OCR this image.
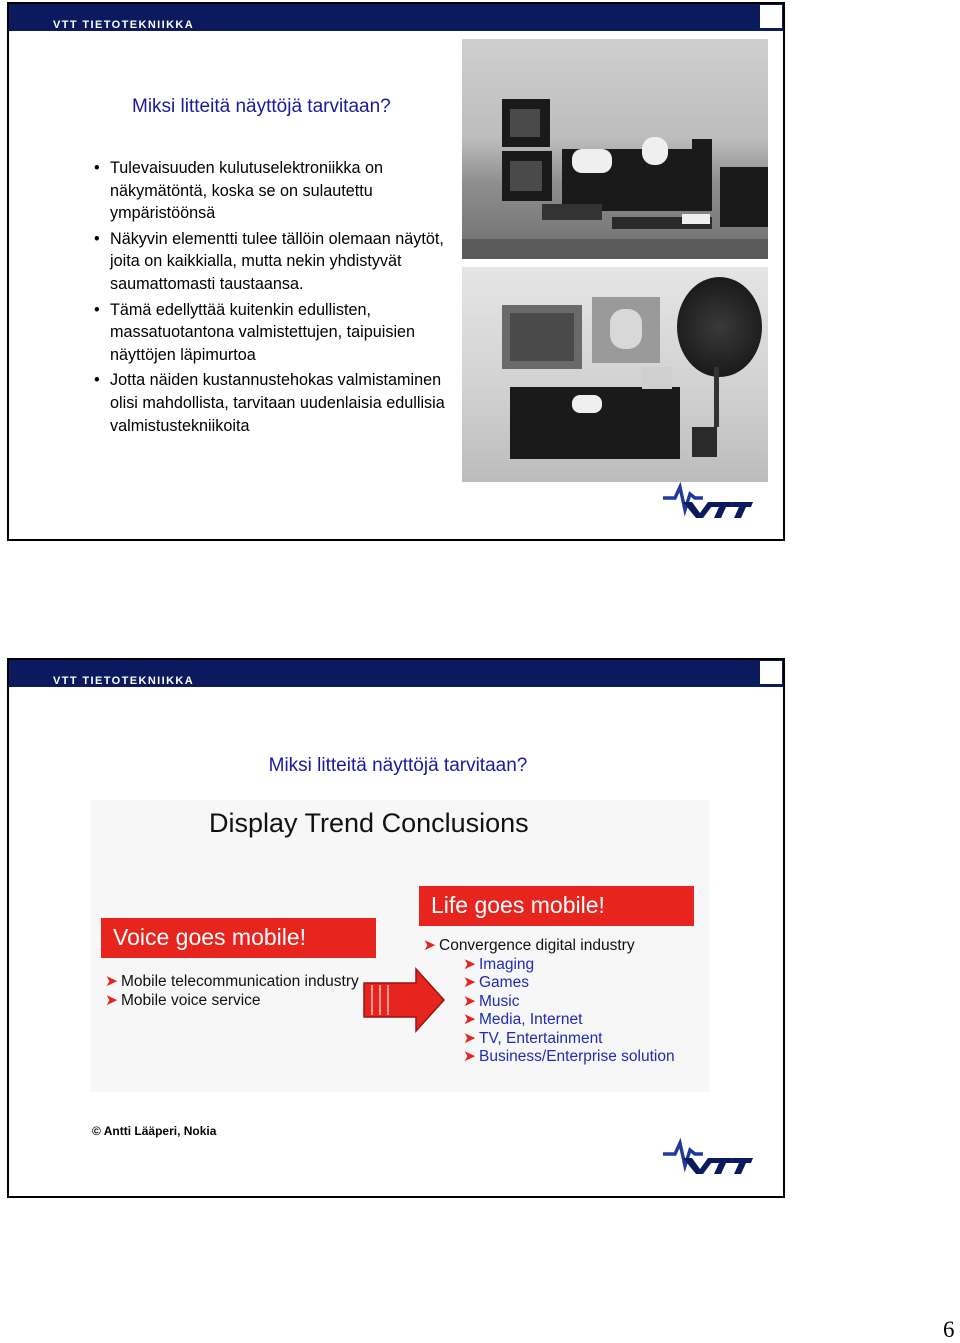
VTT TIETOTEKNIIKKA
Miksi litteitä näyttöjä tarvitaan?
• Tulevaisuuden kulutuselektroniikka on näkymätöntä, koska se on sulautettu ympäristöönsä
• Näkyvin elementti tulee tällöin olemaan näytöt, joita on kaikkialla, mutta nekin yhdistyvät saumattomasti taustaansa.
• Tämä edellyttää kuitenkin edullisten, massatuotantona valmistettujen, taipuisien näyttöjen läpimurtoa
• Jotta näiden kustannustehokas valmistaminen olisi mahdollista, tarvitaan uudenlaisia edullisia valmistustekniikoita
VTT TIETOTEKNIIKKA
Miksi litteitä näyttöjä tarvitaan?
Display Trend Conclusions
Life goes mobile!
➤ Convergence digital industry
➤ Imaging
➤ Games
➤ Music
➤ Media, Internet
➤ TV, Entertainment
➤ Business/Enterprise solution
Voice goes mobile!
➤ Mobile telecommunication industry
➤ Mobile voice service
© Antti Lääperi, Nokia
6
